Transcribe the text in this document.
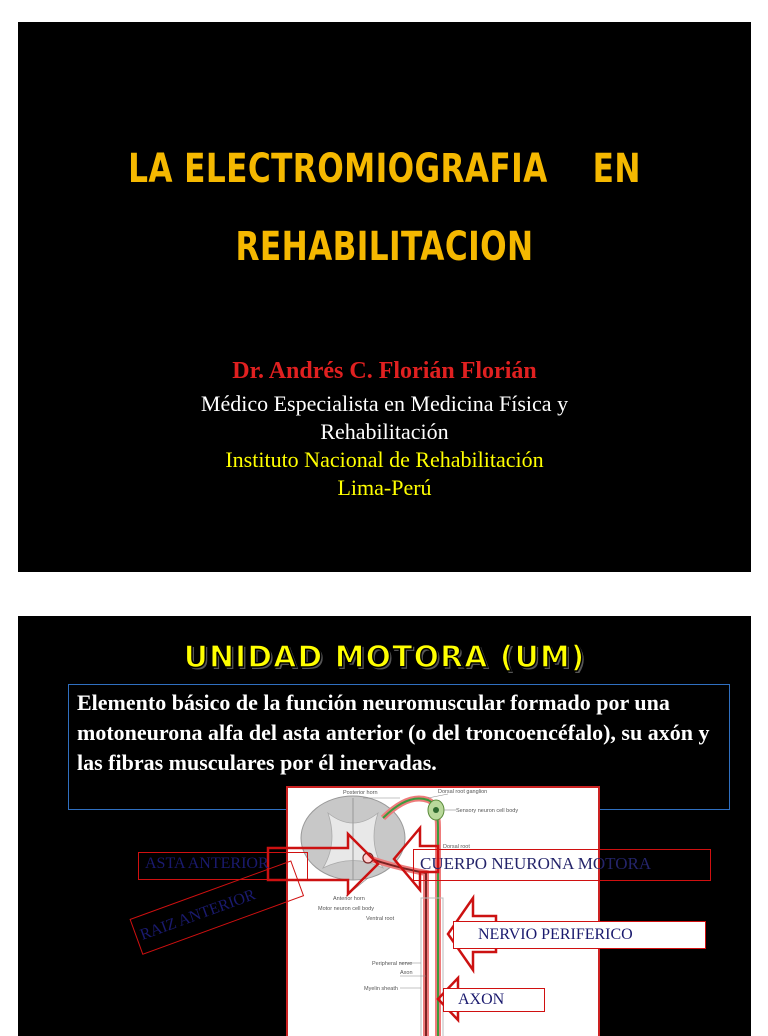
LA ELECTROMIOGRAFIA    EN
REHABILITACION
Dr. Andrés C. Florián Florián
Médico Especialista en Medicina Física y
Rehabilitación
Instituto Nacional de Rehabilitación
Lima-Perú
UNIDAD MOTORA (UM)
Elemento básico de la función neuromuscular formado por una motoneurona alfa del asta anterior (o del troncoencéfalo), su axón y las fibras musculares por él inervadas.
Posterior horn	Dorsal root ganglion
Sensory neuron cell body
Dorsal root
Anterior horn
Motor neuron cell body
Ventral root
Peripheral nerve
Axon
Myelin sheath
ASTA ANTERIOR	CUERPO NEURONA MOTORA
RAIZ ANTERIOR	NERVIO PERIFERICO
AXON
